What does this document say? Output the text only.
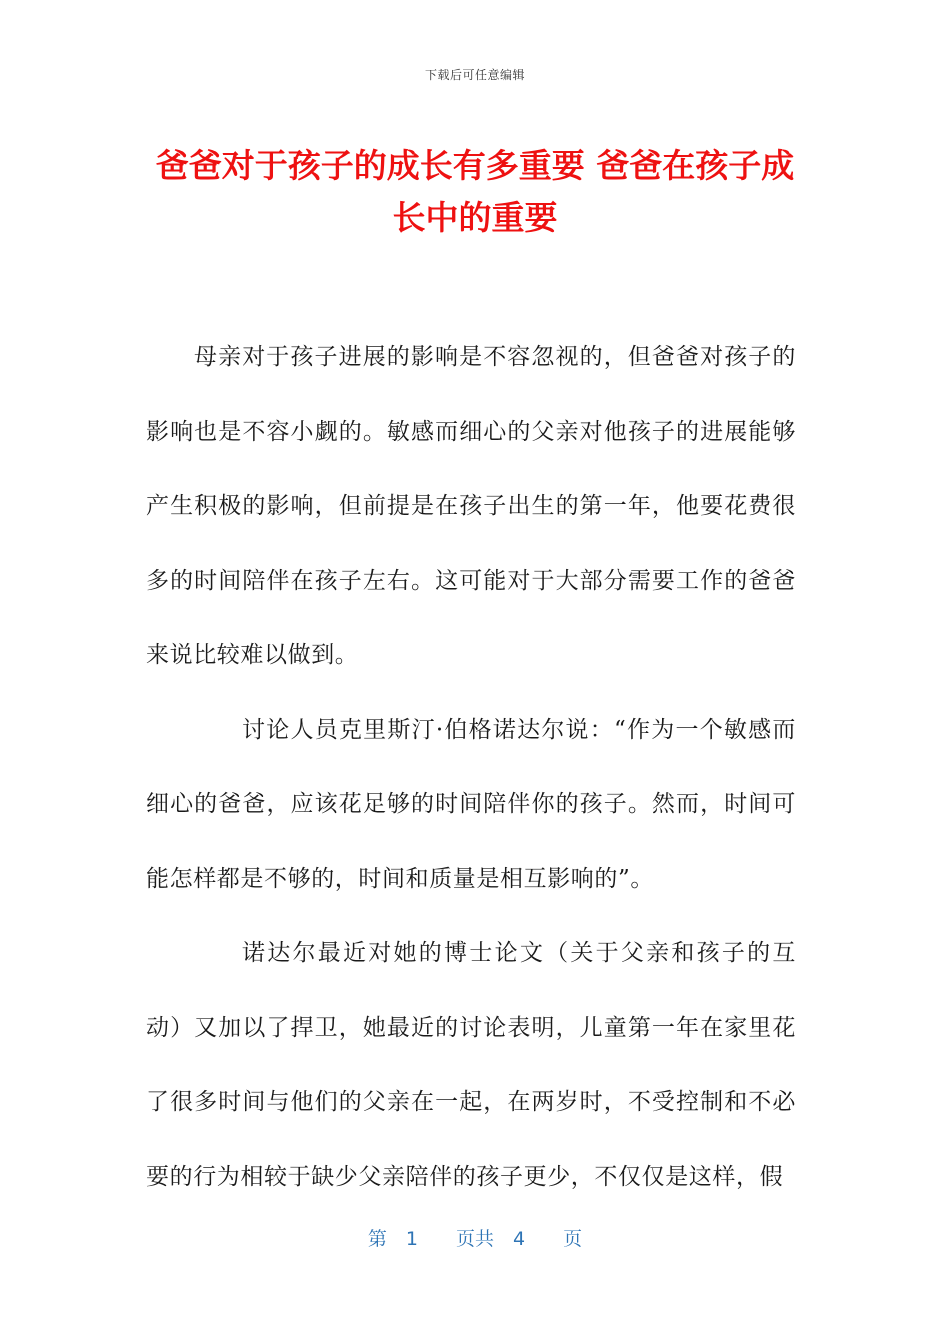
下载后可任意编辑
爸爸对于孩子的成长有多重要 爸爸在孩子成
长中的重要

母亲对于孩子进展的影响是不容忽视的，但爸爸对孩子的影响也是不容小觑的。敏感而细心的父亲对他孩子的进展能够产生积极的影响，但前提是在孩子出生的第一年，他要花费很多的时间陪伴在孩子左右。这可能对于大部分需要工作的爸爸来说比较难以做到。

讨论人员克里斯汀·伯格诺达尔说：“作为一个敏感而细心的爸爸，应该花足够的时间陪伴你的孩子。然而，时间可能怎样都是不够的，时间和质量是相互影响的”。

诺达尔最近对她的博士论文（关于父亲和孩子的互动）又加以了捍卫，她最近的讨论表明，儿童第一年在家里花了很多时间与他们的父亲在一起，在两岁时，不受控制和不必要的行为相较于缺少父亲陪伴的孩子更少，不仅仅是这样，假

第　1　　页共　4　　页
